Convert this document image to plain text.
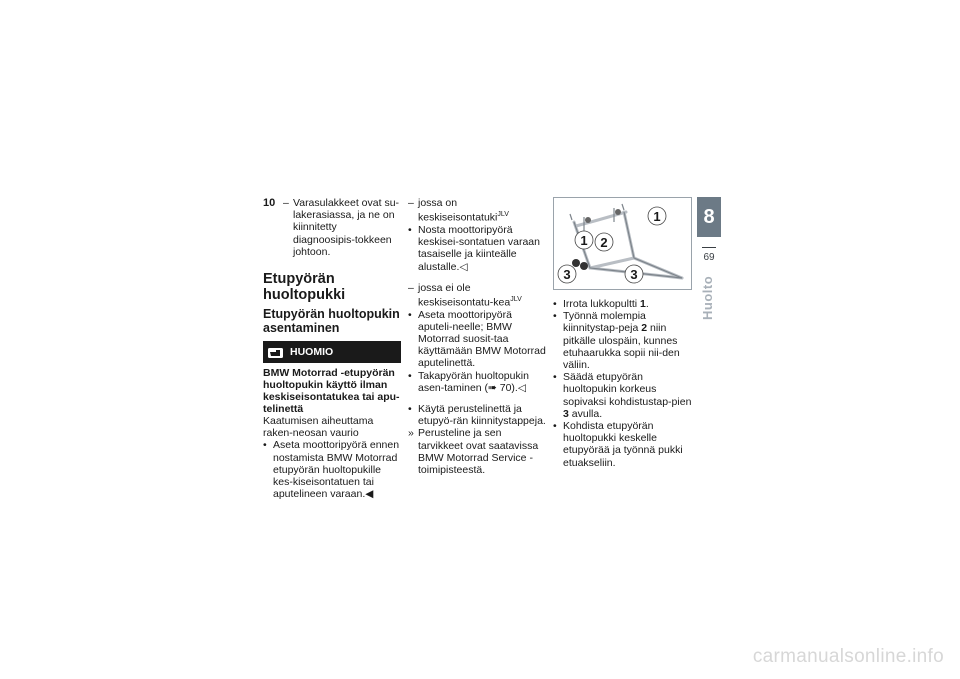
10 – Varasulakkeet ovat su-lakerasiassa, ja ne on kiinnitetty diagnoosipis-tokkeen johtoon.
Etupyörän huoltopukki
Etupyörän huoltopukin asentaminen
HUOMIO
BMW Motorrad -etupyörän huoltopukin käyttö ilman keskiseisontatukea tai apu-telinettä
Kaatumisen aiheuttama raken-neosan vaurio
• Aseta moottoripyörä ennen nostamista BMW Motorrad etupyörän huoltopukille kes-kiseisontatuen tai aputelineen varaan.◀
– jossa on keskiseisontatuki$^{JLV}$
• Nosta moottoripyörä keskisei-sontatuen varaan tasaiselle ja kiinteälle alustalle.◁
– jossa ei ole keskiseisontatu-kea$^{JLV}$
• Aseta moottoripyörä aputeli-neelle; BMW Motorrad suosit-taa käyttämään BMW Motorrad aputelinettä.
• Takapyörän huoltopukin asen-taminen (➠ 70).◁
• Käytä perustelinettä ja etupyö-rän kiinnitystappeja.
» Perusteline ja sen tarvikkeet ovat saatavissa BMW Motorrad Service -toimipisteestä.
1
1 2
3	3
• Irrota lukkopultti 1.
• Työnnä molempia kiinnitystap-peja 2 niin pitkälle ulospäin, kunnes etuhaarukka sopii nii-den väliin.
• Säädä etupyörän huoltopukin korkeus sopivaksi kohdistustap-pien 3 avulla.
• Kohdista etupyörän huoltopukki keskelle etupyörää ja työnnä pukki etuakseliin.
8
69
Huolto
carmanualsonline.info
